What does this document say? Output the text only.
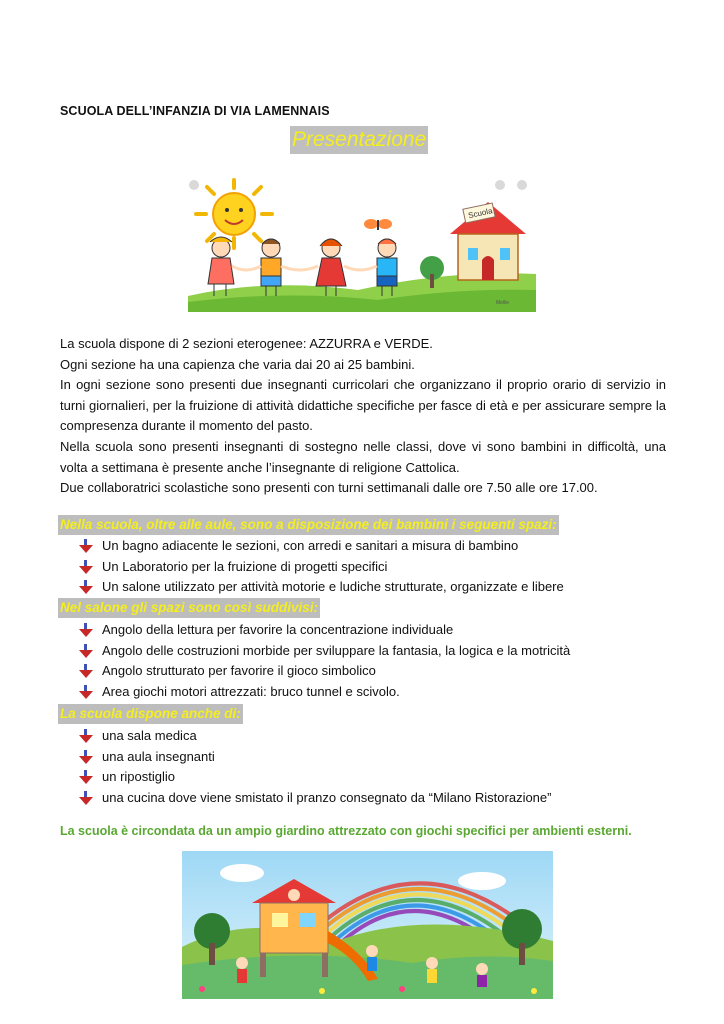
SCUOLA DELL’INFANZIA DI VIA LAMENNAIS
Presentazione
Scuola
Mellie

La scuola dispone di 2 sezioni eterogenee: AZZURRA e VERDE.

Ogni sezione ha una capienza che varia dai 20 ai 25 bambini.

In ogni sezione sono presenti due insegnanti curricolari che organizzano il proprio orario di servizio in turni giornalieri, per la fruizione di attività didattiche specifiche per fasce di età e per assicurare sempre la compresenza durante il momento del pasto.

Nella scuola sono presenti insegnanti di sostegno nelle classi, dove vi sono bambini in difficoltà, una volta a settimana è presente anche l’insegnante di religione Cattolica.

Due collaboratrici scolastiche sono presenti con turni settimanali dalle ore 7.50 alle ore 17.00.

Nella scuola, oltre alle aule, sono a disposizione dei bambini i seguenti spazi:
Un bagno adiacente le sezioni, con arredi e sanitari a misura di bambino
Un Laboratorio per la fruizione di progetti specifici
Un salone utilizzato per attività motorie e ludiche strutturate, organizzate e libere
Nel salone gli spazi sono così suddivisi:
Angolo della lettura per favorire la concentrazione individuale
Angolo delle costruzioni morbide per sviluppare la fantasia, la logica e la motricità
Angolo strutturato per favorire il gioco simbolico
Area giochi motori attrezzati: bruco tunnel e scivolo.
La scuola dispone anche di:
una sala medica
una aula insegnanti
un ripostiglio
una cucina dove viene smistato il pranzo consegnato da “Milano Ristorazione”
La scuola è circondata da un ampio giardino attrezzato con giochi specifici per ambienti esterni.
